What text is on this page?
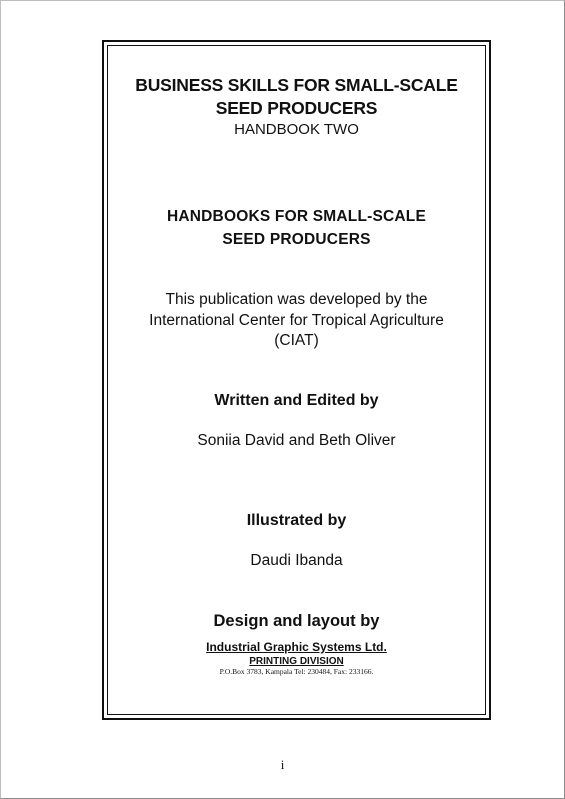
BUSINESS SKILLS FOR SMALL-SCALE
SEED PRODUCERS
HANDBOOK TWO
HANDBOOKS FOR SMALL-SCALE
SEED PRODUCERS
This publication was developed by the
International Center for Tropical Agriculture
(CIAT)
Written and Edited by
Soniia David and Beth Oliver
Illustrated by
Daudi Ibanda
Design and layout by
Industrial Graphic Systems Ltd.
PRINTING DIVISION
P.O.Box 3783, Kampala Tel: 230484, Fax: 233166.
i
